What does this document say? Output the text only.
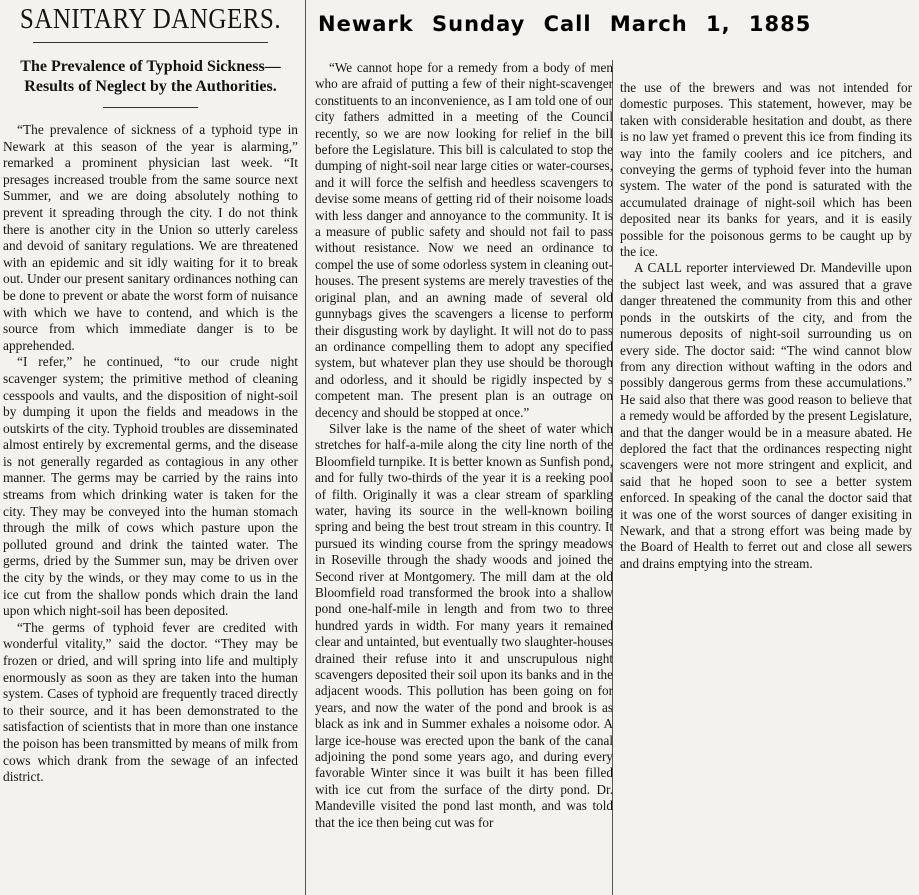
Newark Sunday Call March 1, 1885
SANITARY DANGERS.
The Prevalence of Typhoid Sickness—Results of Neglect by the Authorities.

“The prevalence of sickness of a typhoid type in Newark at this season of the year is alarming,” remarked a prominent physician last week. “It presages increased trouble from the same source next Summer, and we are doing absolutely nothing to prevent it spreading through the city. I do not think there is another city in the Union so utterly careless and devoid of sanitary regulations. We are threatened with an epidemic and sit idly waiting for it to break out. Under our present sanitary ordinances nothing can be done to prevent or abate the worst form of nuisance with which we have to contend, and which is the source from which immediate danger is to be apprehended.

“I refer,” he continued, “to our crude night scavenger system; the primitive method of cleaning cesspools and vaults, and the disposition of night-soil by dumping it upon the fields and meadows in the outskirts of the city. Typhoid troubles are disseminated almost entirely by excremental germs, and the disease is not generally regarded as contagious in any other manner. The germs may be carried by the rains into streams from which drinking water is taken for the city. They may be conveyed into the human stomach through the milk of cows which pasture upon the polluted ground and drink the tainted water. The germs, dried by the Summer sun, may be driven over the city by the winds, or they may come to us in the ice cut from the shallow ponds which drain the land upon which night-soil has been deposited.

“The germs of typhoid fever are credited with wonderful vitality,” said the doctor. “They may be frozen or dried, and will spring into life and multiply enormously as soon as they are taken into the human system. Cases of typhoid are frequently traced directly to their source, and it has been demonstrated to the satisfaction of scientists that in more than one instance the poison has been transmitted by means of milk from cows which drank from the sewage of an infected district.

“We cannot hope for a remedy from a body of men who are afraid of putting a few of their night-scavenger constituents to an inconvenience, as I am told one of our city fathers admitted in a meeting of the Council recently, so we are now looking for relief in the bill before the Legislature. This bill is calculated to stop the dumping of night-soil near large cities or water-courses, and it will force the selfish and heedless scavengers to devise some means of getting rid of their noisome loads with less danger and annoyance to the community. It is a measure of public safety and should not fail to pass without resistance. Now we need an ordinance to compel the use of some odorless system in cleaning out-houses. The present systems are merely travesties of the original plan, and an awning made of several old gunnybags gives the scavengers a license to perform their disgusting work by daylight. It will not do to pass an ordinance compelling them to adopt any specified system, but whatever plan they use should be thorough and odorless, and it should be rigidly inspected by s competent man. The present plan is an outrage on decency and should be stopped at once.”

Silver lake is the name of the sheet of water which stretches for half-a-mile along the city line north of the Bloomfield turnpike. It is better known as Sunfish pond, and for fully two-thirds of the year it is a reeking pool of filth. Originally it was a clear stream of sparkling water, having its source in the well-known boiling spring and being the best trout stream in this country. It pursued its winding course from the springy meadows in Roseville through the shady woods and joined the Second river at Montgomery. The mill dam at the old Bloomfield road transformed the brook into a shallow pond one-half-mile in length and from two to three hundred yards in width. For many years it remained clear and untainted, but eventually two slaughter-houses drained their refuse into it and unscrupulous night scavengers deposited their soil upon its banks and in the adjacent woods. This pollution has been going on for years, and now the water of the pond and brook is as black as ink and in Summer exhales a noisome odor. A large ice-house was erected upon the bank of the canal adjoining the pond some years ago, and during every favorable Winter since it was built it has been filled with ice cut from the surface of the dirty pond. Dr. Mandeville visited the pond last month, and was told that the ice then being cut was for

the use of the brewers and was not intended for domestic purposes. This statement, however, may be taken with considerable hesitation and doubt, as there is no law yet framed o prevent this ice from finding its way into the family coolers and ice pitchers, and conveying the germs of typhoid fever into the human system. The water of the pond is saturated with the accumulated drainage of night-soil which has been deposited near its banks for years, and it is easily possible for the poisonous germs to be caught up by the ice.

A CALL reporter interviewed Dr. Mandeville upon the subject last week, and was assured that a grave danger threatened the community from this and other ponds in the outskirts of the city, and from the numerous deposits of night-soil surrounding us on every side. The doctor said: “The wind cannot blow from any direction without wafting in the odors and possibly dangerous germs from these accumulations.” He said also that there was good reason to believe that a remedy would be afforded by the present Legislature, and that the danger would be in a measure abated. He deplored the fact that the ordinances respecting night scavengers were not more stringent and explicit, and said that he hoped soon to see a better system enforced. In speaking of the canal the doctor said that it was one of the worst sources of danger exisiting in Newark, and that a strong effort was being made by the Board of Health to ferret out and close all sewers and drains emptying into the stream.
